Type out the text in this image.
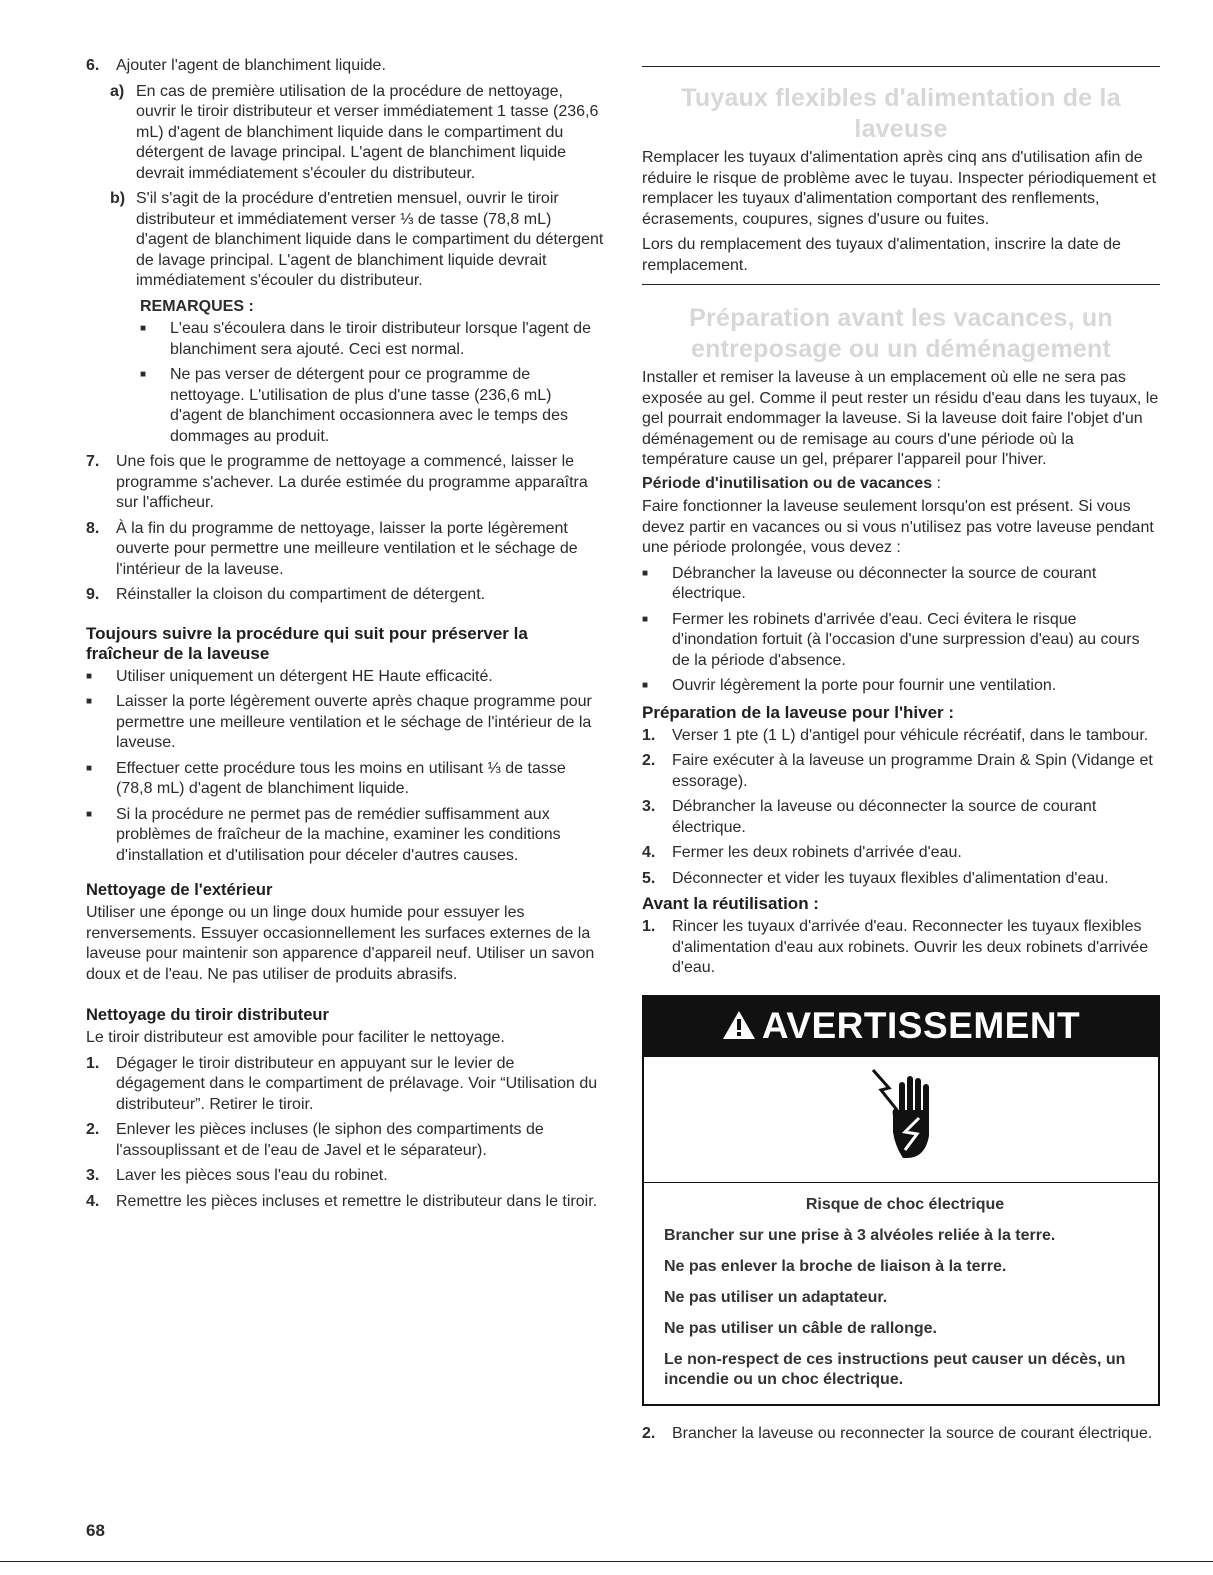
6.	Ajouter l'agent de blanchiment liquide.
a) En cas de première utilisation de la procédure de nettoyage, ouvrir le tiroir distributeur et verser immédiatement 1 tasse (236,6 mL) d'agent de blanchiment liquide dans le compartiment du détergent de lavage principal. L'agent de blanchiment liquide devrait immédiatement s'écouler du distributeur.
b) S'il s'agit de la procédure d'entretien mensuel, ouvrir le tiroir distributeur et immédiatement verser ⅓ de tasse (78,8 mL) d'agent de blanchiment liquide dans le compartiment du détergent de lavage principal. L'agent de blanchiment liquide devrait immédiatement s'écouler du distributeur.
REMARQUES :
■	L'eau s'écoulera dans le tiroir distributeur lorsque l'agent de blanchiment sera ajouté. Ceci est normal.
■	Ne pas verser de détergent pour ce programme de nettoyage. L'utilisation de plus d'une tasse (236,6 mL) d'agent de blanchiment occasionnera avec le temps des dommages au produit.
7.	Une fois que le programme de nettoyage a commencé, laisser le programme s'achever. La durée estimée du programme apparaîtra sur l'afficheur.
8.	À la fin du programme de nettoyage, laisser la porte légèrement ouverte pour permettre une meilleure ventilation et le séchage de l'intérieur de la laveuse.
9.	Réinstaller la cloison du compartiment de détergent.
Toujours suivre la procédure qui suit pour préserver la fraîcheur de la laveuse
■	Utiliser uniquement un détergent HE Haute efficacité.
■	Laisser la porte légèrement ouverte après chaque programme pour permettre une meilleure ventilation et le séchage de l'intérieur de la laveuse.
■	Effectuer cette procédure tous les moins en utilisant ⅓ de tasse (78,8 mL) d'agent de blanchiment liquide.
■	Si la procédure ne permet pas de remédier suffisamment aux problèmes de fraîcheur de la machine, examiner les conditions d'installation et d'utilisation pour déceler d'autres causes.
Nettoyage de l'extérieur

Utiliser une éponge ou un linge doux humide pour essuyer les renversements. Essuyer occasionnellement les surfaces externes de la laveuse pour maintenir son apparence d'appareil neuf. Utiliser un savon doux et de l'eau. Ne pas utiliser de produits abrasifs.

Nettoyage du tiroir distributeur

Le tiroir distributeur est amovible pour faciliter le nettoyage.

1.	Dégager le tiroir distributeur en appuyant sur le levier de dégagement dans le compartiment de prélavage. Voir “Utilisation du distributeur”. Retirer le tiroir.
2.	Enlever les pièces incluses (le siphon des compartiments de l'assouplissant et de l'eau de Javel et le séparateur).
3.	Laver les pièces sous l'eau du robinet.
4.	Remettre les pièces incluses et remettre le distributeur dans le tiroir.
Tuyaux flexibles d'alimentation de la laveuse

Remplacer les tuyaux d'alimentation après cinq ans d'utilisation afin de réduire le risque de problème avec le tuyau. Inspecter périodiquement et remplacer les tuyaux d'alimentation comportant des renflements, écrasements, coupures, signes d'usure ou fuites.

Lors du remplacement des tuyaux d'alimentation, inscrire la date de remplacement.

Préparation avant les vacances, un
entreposage ou un déménagement

Installer et remiser la laveuse à un emplacement où elle ne sera pas exposée au gel. Comme il peut rester un résidu d'eau dans les tuyaux, le gel pourrait endommager la laveuse. Si la laveuse doit faire l'objet d'un déménagement ou de remisage au cours d'une période où la température cause un gel, préparer l'appareil pour l'hiver.

Période d'inutilisation ou de vacances :

Faire fonctionner la laveuse seulement lorsqu'on est présent. Si vous devez partir en vacances ou si vous n'utilisez pas votre laveuse pendant une période prolongée, vous devez :

■	Débrancher la laveuse ou déconnecter la source de courant électrique.
■	Fermer les robinets d'arrivée d'eau. Ceci évitera le risque d'inondation fortuit (à l'occasion d'une surpression d'eau) au cours de la période d'absence.
■	Ouvrir légèrement la porte pour fournir une ventilation.
Préparation de la laveuse pour l'hiver :
1.	Verser 1 pte (1 L) d'antigel pour véhicule récréatif, dans le tambour.
2.	Faire exécuter à la laveuse un programme Drain & Spin (Vidange et essorage).
3.	Débrancher la laveuse ou déconnecter la source de courant électrique.
4.	Fermer les deux robinets d'arrivée d'eau.
5.	Déconnecter et vider les tuyaux flexibles d'alimentation d'eau.
Avant la réutilisation :
1.	Rincer les tuyaux d'arrivée d'eau. Reconnecter les tuyaux flexibles d'alimentation d'eau aux robinets. Ouvrir les deux robinets d'arrivée d'eau.
AVERTISSEMENT
Risque de choc électrique
Brancher sur une prise à 3 alvéoles reliée à la terre.
Ne pas enlever la broche de liaison à la terre.
Ne pas utiliser un adaptateur.
Ne pas utiliser un câble de rallonge.
Le non-respect de ces instructions peut causer un décès, un incendie ou un choc électrique.
2.	Brancher la laveuse ou reconnecter la source de courant électrique.
68
